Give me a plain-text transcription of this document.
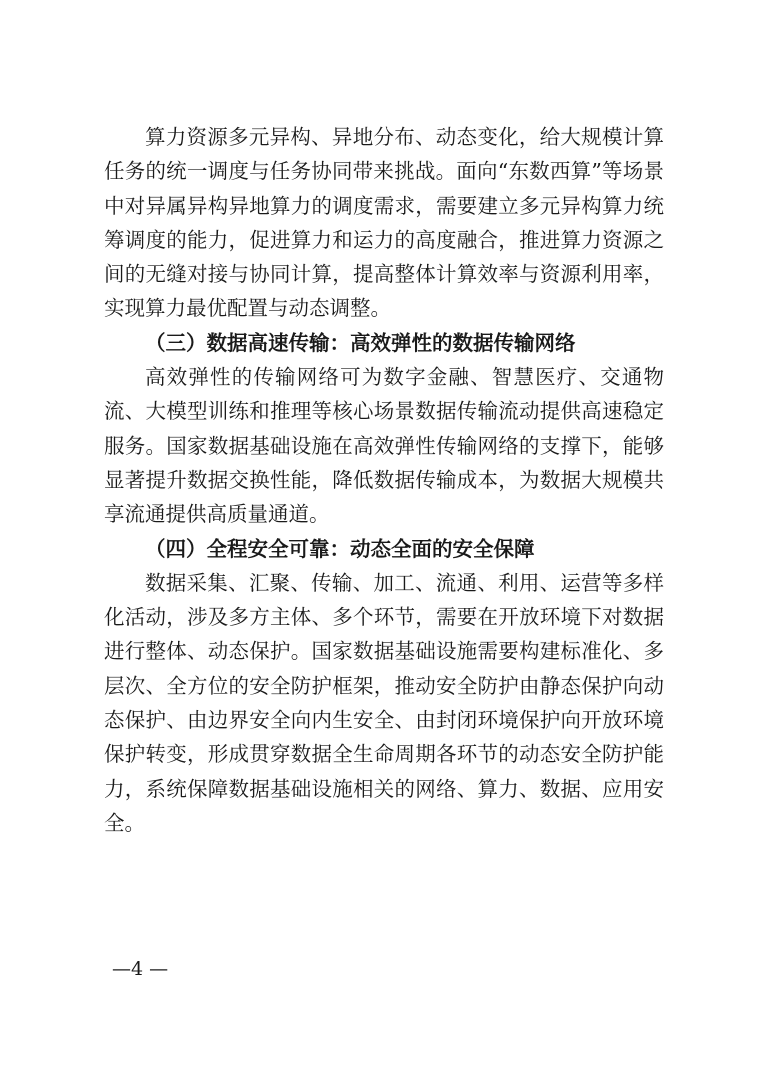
算力资源多元异构、异地分布、动态变化，给大规模计算任务的统一调度与任务协同带来挑战。面向“东数西算”等场景中对异属异构异地算力的调度需求，需要建立多元异构算力统筹调度的能力，促进算力和运力的高度融合，推进算力资源之间的无缝对接与协同计算，提高整体计算效率与资源利用率，实现算力最优配置与动态调整。

（三）数据高速传输：高效弹性的数据传输网络

高效弹性的传输网络可为数字金融、智慧医疗、交通物流、大模型训练和推理等核心场景数据传输流动提供高速稳定服务。国家数据基础设施在高效弹性传输网络的支撑下，能够显著提升数据交换性能，降低数据传输成本，为数据大规模共享流通提供高质量通道。

（四）全程安全可靠：动态全面的安全保障

数据采集、汇聚、传输、加工、流通、利用、运营等多样化活动，涉及多方主体、多个环节，需要在开放环境下对数据进行整体、动态保护。国家数据基础设施需要构建标准化、多层次、全方位的安全防护框架，推动安全防护由静态保护向动态保护、由边界安全向内生安全、由封闭环境保护向开放环境保护转变，形成贯穿数据全生命周期各环节的动态安全防护能力，系统保障数据基础设施相关的网络、算力、数据、应用安全。

—4 —
